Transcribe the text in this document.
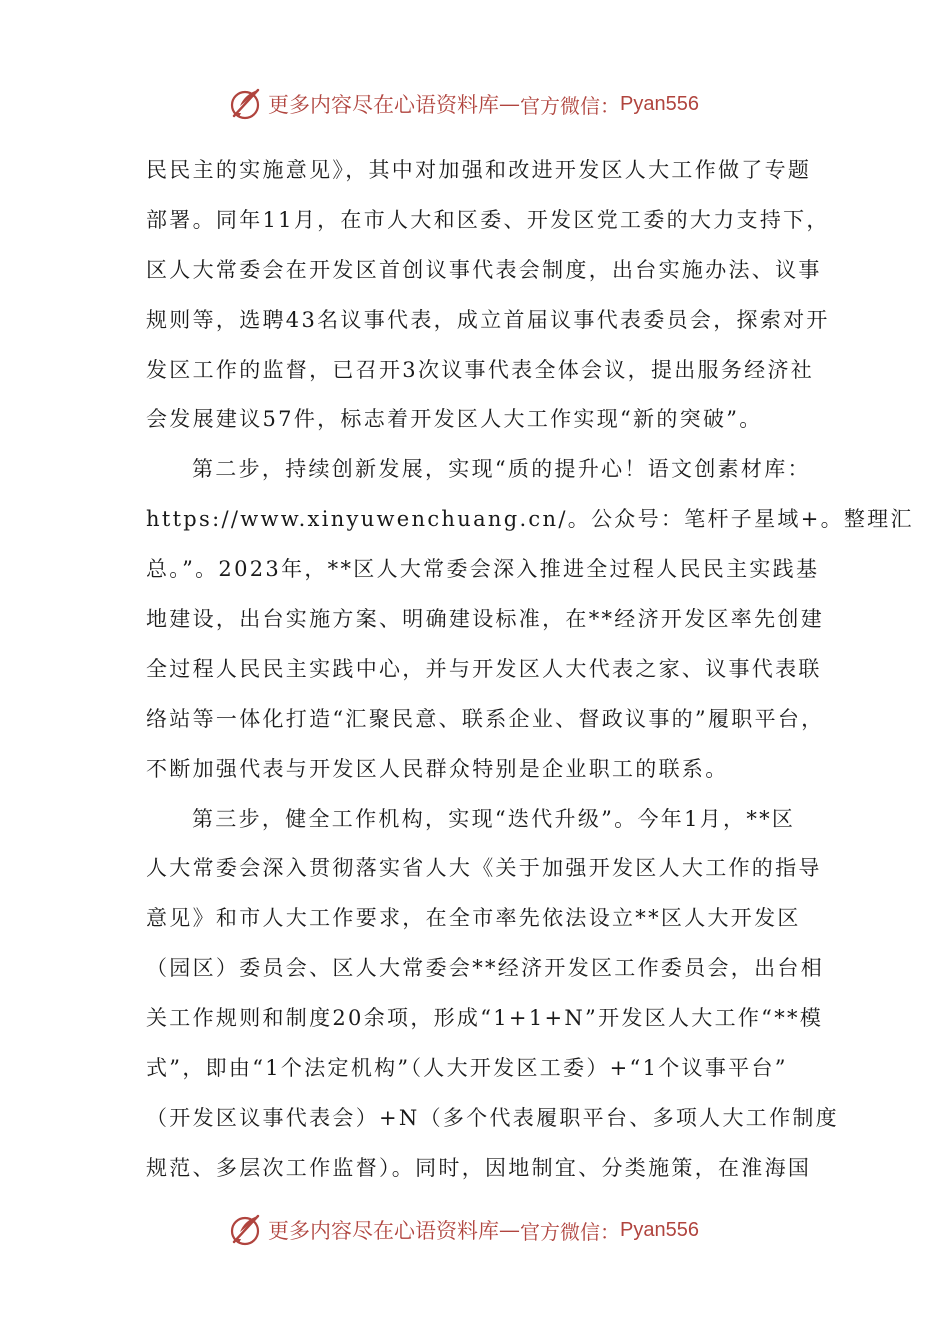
更多内容尽在心语资料库 — 官方微信： Pyan556
民民主的实施意见》，其中对加强和改进开发区人大工作做了专题
部署。同年11月，在市人大和区委、开发区党工委的大力支持下，
区人大常委会在开发区首创议事代表会制度，出台实施办法、议事
规则等，选聘43名议事代表，成立首届议事代表委员会，探索对开
发区工作的监督，已召开3次议事代表全体会议，提出服务经济社
会发展建议57件，标志着开发区人大工作实现“新的突破”。
第二步，持续创新发展，实现“质的提升心！语文创素材库：
https://www.xinyuwenchuang.cn/。公众号：笔杆子星域+。整理汇
总。”。2023年，**区人大常委会深入推进全过程人民民主实践基
地建设，出台实施方案、明确建设标准，在**经济开发区率先创建
全过程人民民主实践中心，并与开发区人大代表之家、议事代表联
络站等一体化打造“汇聚民意、联系企业、督政议事的”履职平台，
不断加强代表与开发区人民群众特别是企业职工的联系。
第三步，健全工作机构，实现“迭代升级”。今年1月，**区
人大常委会深入贯彻落实省人大《关于加强开发区人大工作的指导
意见》和市人大工作要求，在全市率先依法设立**区人大开发区
（园区）委员会、区人大常委会**经济开发区工作委员会，出台相
关工作规则和制度20余项，形成“1+1+N”开发区人大工作“**模
式”，即由“1个法定机构”（人大开发区工委）+“1个议事平台”
（开发区议事代表会）+N（多个代表履职平台、多项人大工作制度
规范、多层次工作监督）。同时，因地制宜、分类施策，在淮海国
更多内容尽在心语资料库 — 官方微信： Pyan556
